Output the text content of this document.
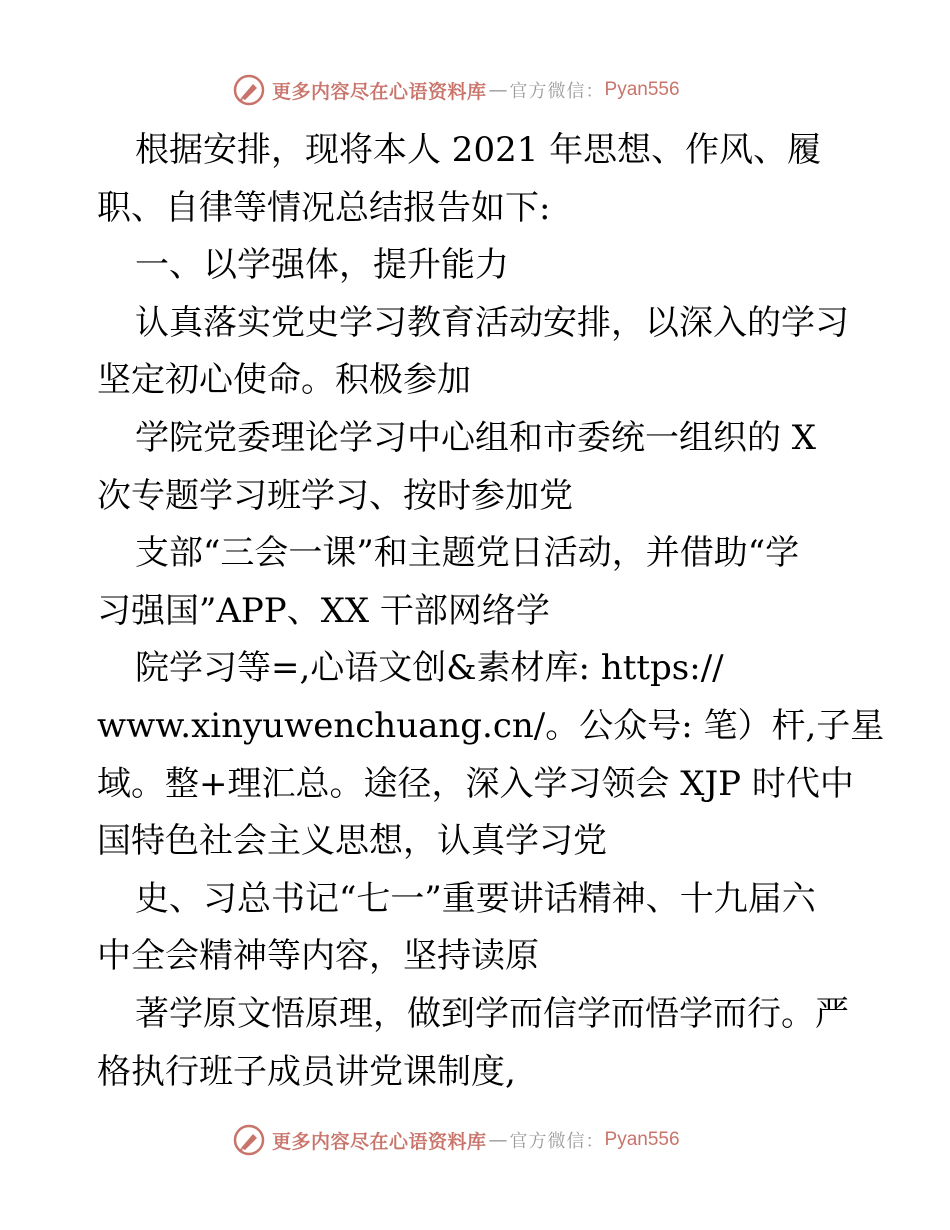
更多内容尽在心语资料库 — 官方微信： Pyan556
根据安排，现将本人 2021 年思想、作风、履
职、自律等情况总结报告如下:
一、以学强体，提升能力
认真落实党史学习教育活动安排，以深入的学习
坚定初心使命。积极参加
学院党委理论学习中心组和市委统一组织的 X
次专题学习班学习、按时参加党
支部“三会一课”和主题党日活动，并借助“学
习强国”APP、XX 干部网络学
院学习等=,心语文创&素材库: https://
www.xinyuwenchuang.cn/。公众号: 笔）杆,子星
域。整+理汇总。途径，深入学习领会 XJP 时代中
国特色社会主义思想，认真学习党
史、习总书记“七一”重要讲话精神、十九届六
中全会精神等内容，坚持读原
著学原文悟原理，做到学而信学而悟学而行。严
格执行班子成员讲党课制度,
更多内容尽在心语资料库 — 官方微信： Pyan556
